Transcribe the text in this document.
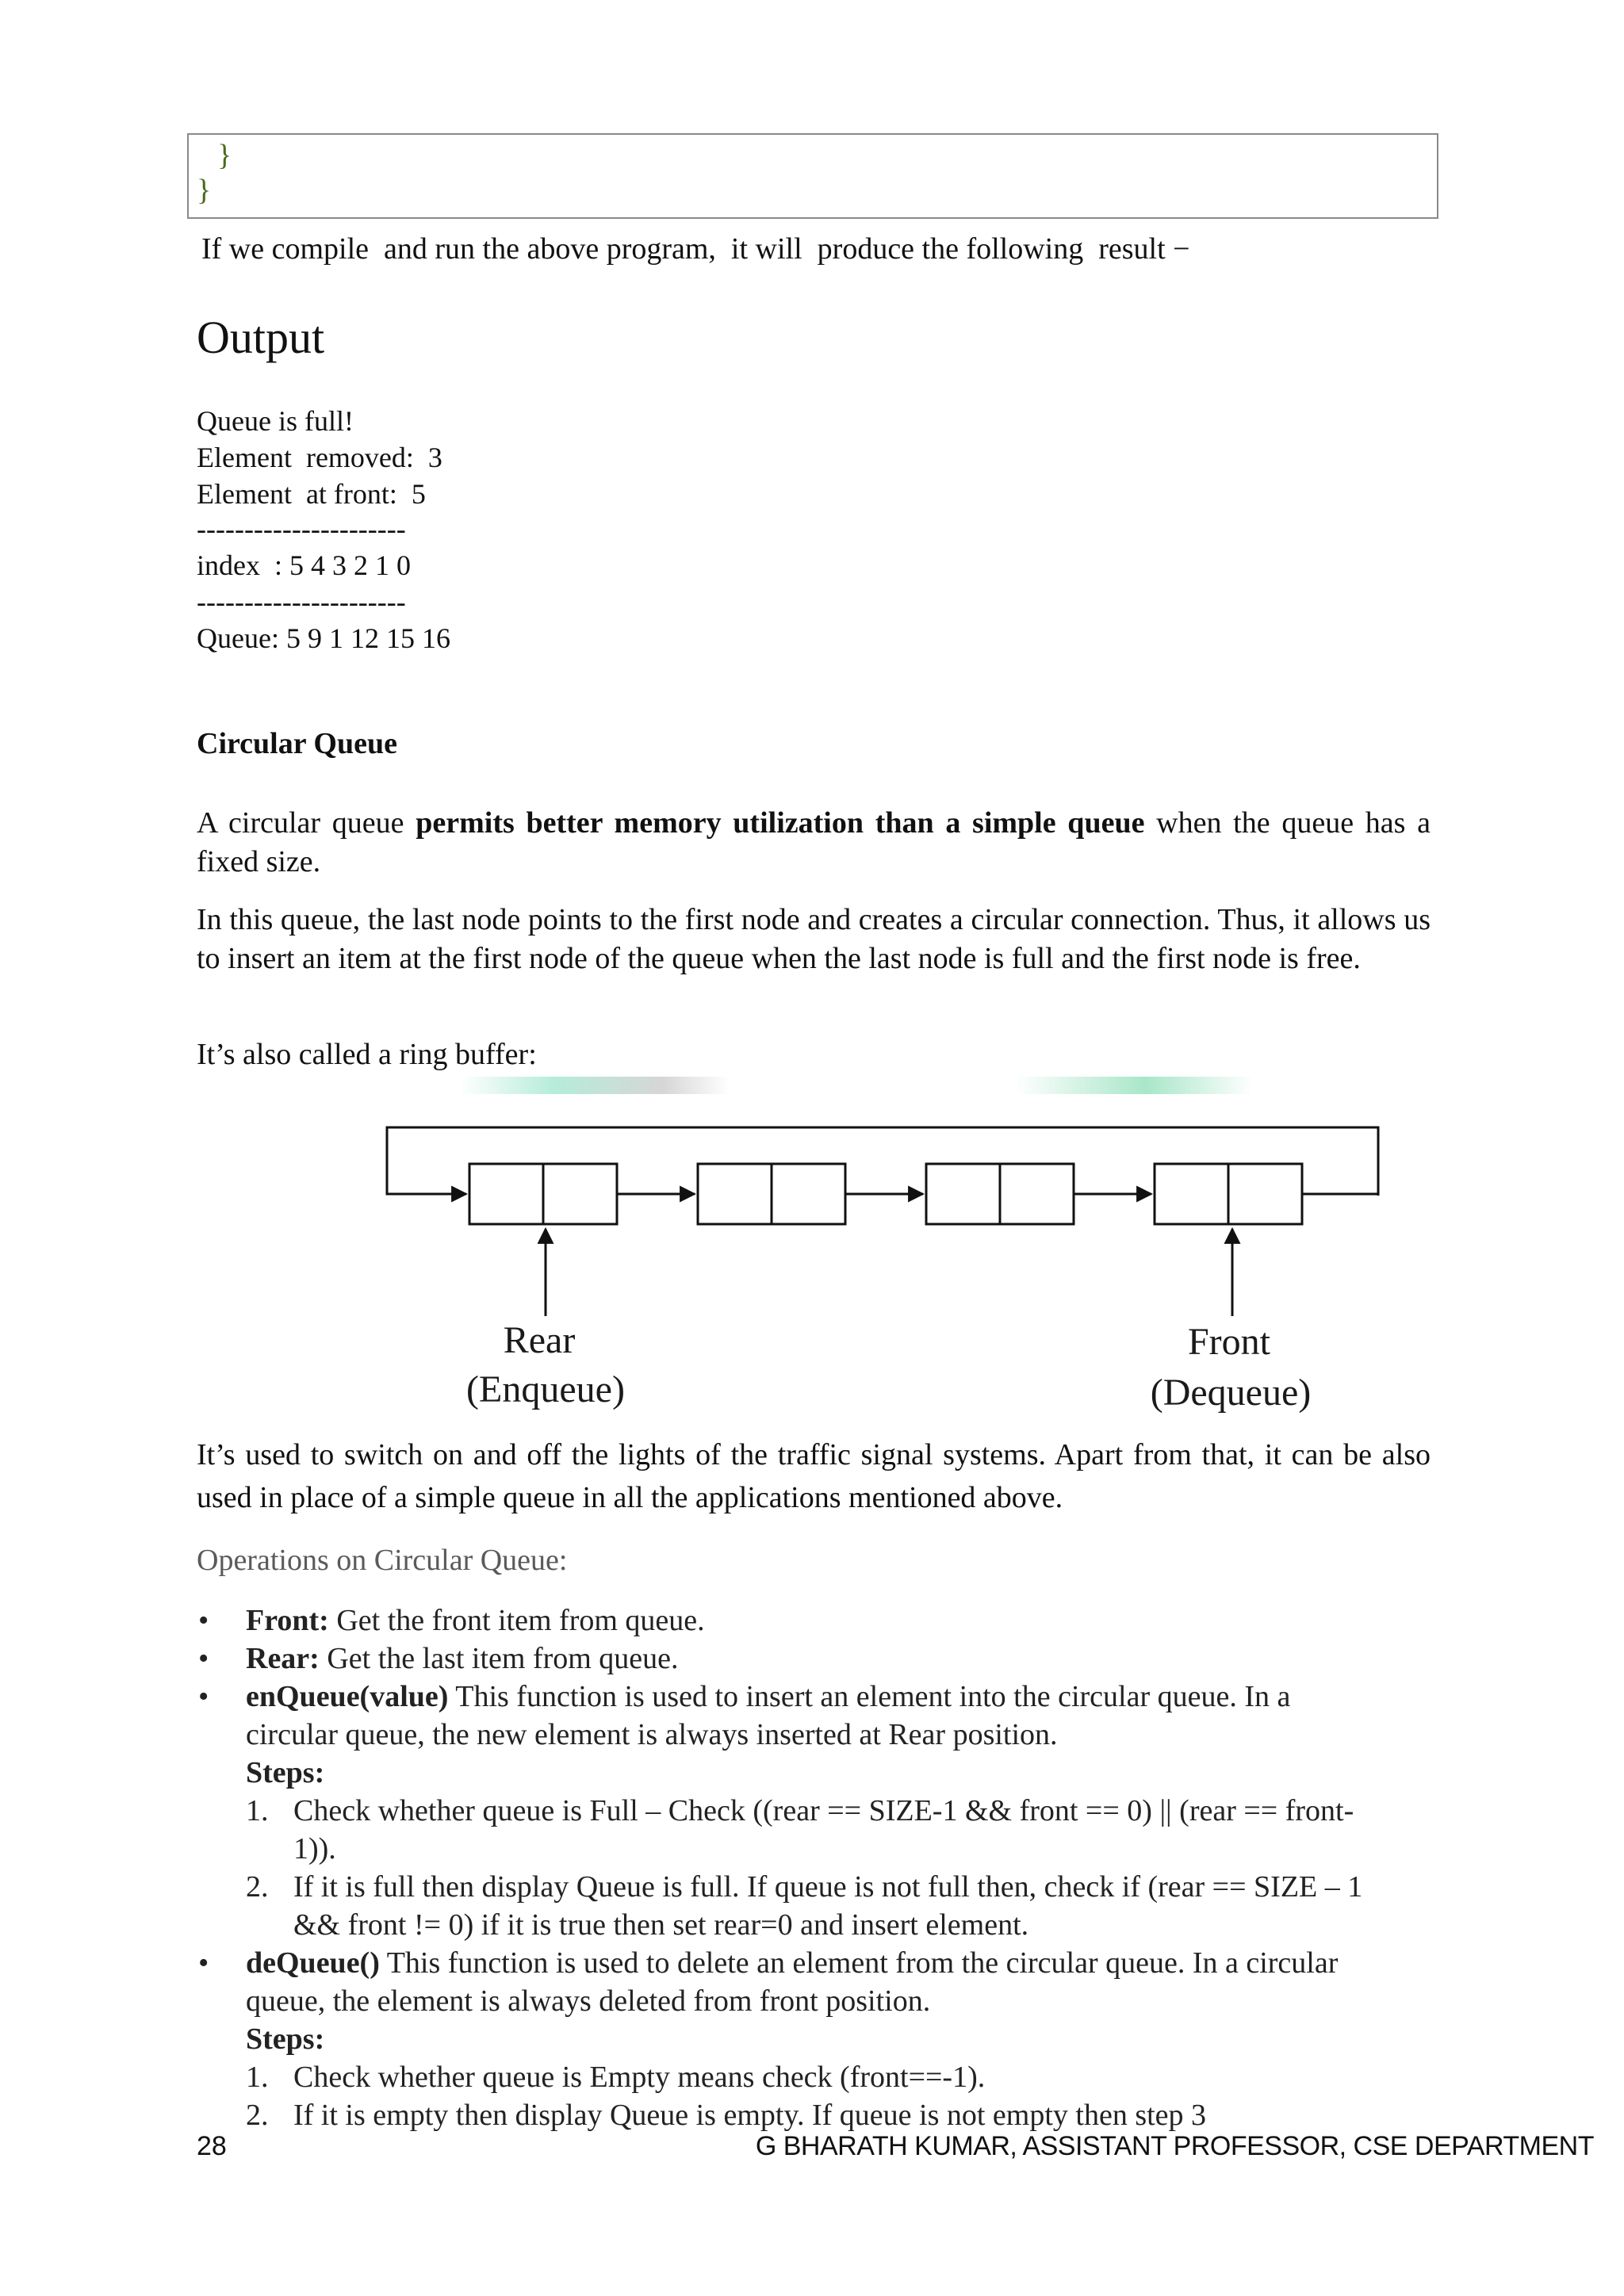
}
}
If we compile  and run the above program,  it will  produce the following  result −
Output
Queue is full!
Element  removed:  3
Element  at front:  5
----------------------
index  : 5 4 3 2 1 0
----------------------
Queue: 5 9 1 12 15 16
Circular Queue
A circular queue permits better memory utilization than a simple queue when the queue has a fixed size.
In this queue, the last node points to the first node and creates a circular connection. Thus, it allows us to insert an item at the first node of the queue when the last node is full and the first node is free.
It’s also called a ring buffer:
Rear
(Enqueue)
Front
(Dequeue)
It’s used to switch on and off the lights of the traffic signal systems. Apart from that, it can be also used in place of a simple queue in all the applications mentioned above.
Operations on Circular Queue:
• Front: Get the front item from queue.
• Rear: Get the last item from queue.
• enQueue(value) This function is used to insert an element into the circular queue. In a circular queue, the new element is always inserted at Rear position.
Steps:
1. Check whether queue is Full – Check ((rear == SIZE-1 && front == 0) || (rear == front-1)).
2. If it is full then display Queue is full. If queue is not full then, check if (rear == SIZE – 1 && front != 0) if it is true then set rear=0 and insert element.
• deQueue() This function is used to delete an element from the circular queue. In a circular queue, the element is always deleted from front position.
Steps:
1. Check whether queue is Empty means check (front==-1).
2. If it is empty then display Queue is empty. If queue is not empty then step 3
28	G BHARATH KUMAR, ASSISTANT PROFESSOR, CSE DEPARTMENT
